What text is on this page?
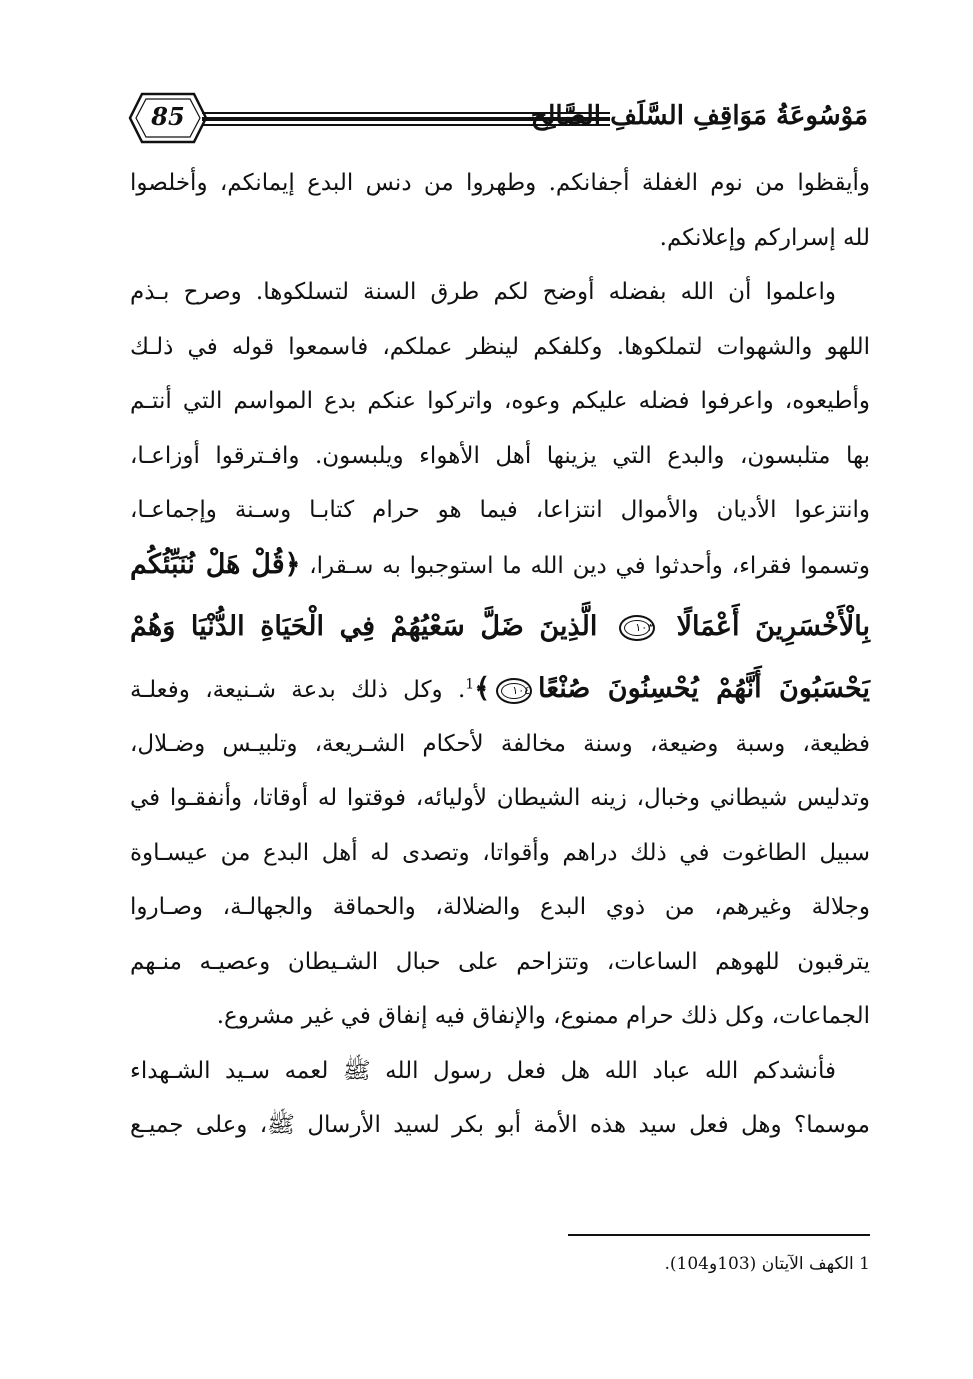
85	مَوْسُوعَةُ مَوَاقِفِ السَّلَفِ الصَّالِح
وأيقظوا من نوم الغفلة أجفانكم. وطهروا من دنس البدع إيمانكم، وأخلصوا
لله إسراركم وإعلانكم.
واعلموا أن الله بفضله أوضح لكم طرق السنة لتسلكوها. وصرح بـذم
اللهو والشهوات لتملكوها. وكلفكم لينظر عملكم، فاسمعوا قوله في ذلـك
وأطيعوه، واعرفوا فضله عليكم وعوه، واتركوا عنكم بدع المواسم التي أنتـم
بها متلبسون، والبدع التي يزينها أهل الأهواء ويلبسون. وافـترقوا أوزاعـا،
وانتزعوا الأديان والأموال انتزاعا، فيما هو حرام كتابـا وسـنة وإجماعـا،
وتسموا فقراء، وأحدثوا في دين الله ما استوجبوا به سـقرا، ﴿قُلْ هَلْ نُنَبِّئُكُم
بِالْأَخْسَرِينَ أَعْمَالًا ١٠٣ الَّذِينَ ضَلَّ سَعْيُهُمْ فِي الْحَيَاةِ الدُّنْيَا وَهُمْ
يَحْسَبُونَ أَنَّهُمْ يُحْسِنُونَ صُنْعًا١٠٤﴾$^1$. وكل ذلك بدعة شـنيعة، وفعلـة
فظيعة، وسبة وضيعة، وسنة مخالفة لأحكام الشـريعة، وتلبيـس وضـلال،
وتدليس شيطاني وخبال، زينه الشيطان لأوليائه، فوقتوا له أوقاتا، وأنفقـوا في
سبيل الطاغوت في ذلك دراهم وأقواتا، وتصدى له أهل البدع من عيسـاوة
وجلالة وغيرهم، من ذوي البدع والضلالة، والحماقة والجهالـة، وصـاروا
يترقبون للهوهم الساعات، وتتزاحم على حبال الشـيطان وعصيـه منـهم
الجماعات، وكل ذلك حرام ممنوع، والإنفاق فيه إنفاق في غير مشروع.
فأنشدكم الله عباد الله هل فعل رسول الله ﷺ لعمه سـيد الشـهداء
موسما؟ وهل فعل سيد هذه الأمة أبو بكر لسيد الأرسال ﷺ، وعلى جميـع
1 الكهف الآيتان (103و104).
